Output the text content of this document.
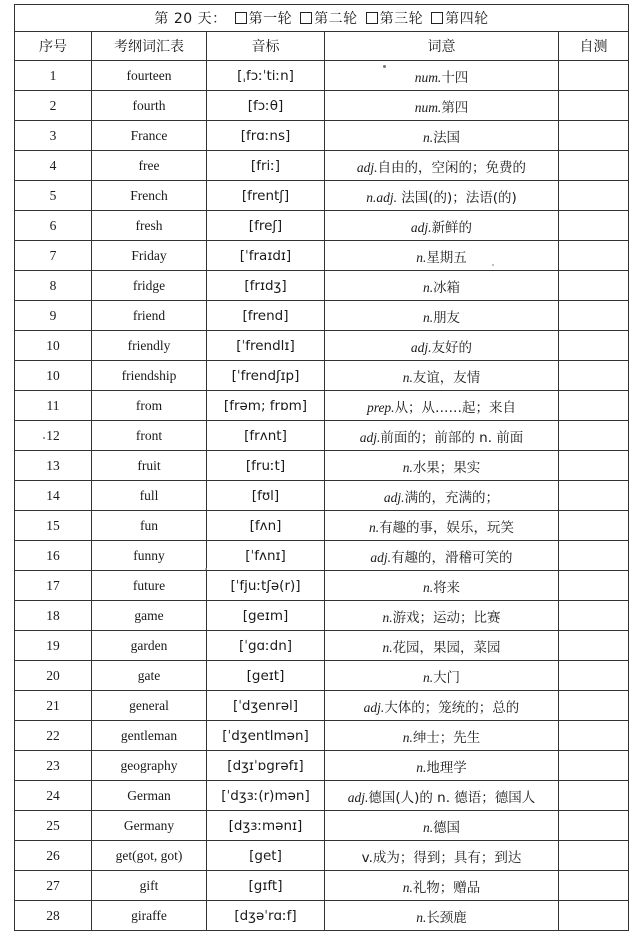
第 20 天： 第一轮 第二轮 第三轮 第四轮				
序号	考纲词汇表	音标	词意	自测
1	fourteen	[ˌfɔːˈtiːn]	num.十四	
2	fourth	[fɔːθ]	num.第四	
3	France	[frɑːns]	n.法国	
4	free	[friː]	adj.自由的，空闲的；免费的	
5	French	[frentʃ]	n.adj. 法国(的)；法语(的)	
6	fresh	[freʃ]	adj.新鲜的	
7	Friday	[ˈfraɪdɪ]	n.星期五	
8	fridge	[frɪdʒ]	n.冰箱	
9	friend	[frend]	n.朋友	
10	friendly	[ˈfrendlɪ]	adj.友好的	
10	friendship	[ˈfrendʃɪp]	n.友谊，友情	
11	from	[frəm; frɒm]	prep.从；从……起；来自	
12	front	[frʌnt]	adj.前面的；前部的 n. 前面	
13	fruit	[fruːt]	n.水果；果实	
14	full	[fʊl]	adj.满的，充满的；	
15	fun	[fʌn]	n.有趣的事，娱乐，玩笑	
16	funny	[ˈfʌnɪ]	adj.有趣的，滑稽可笑的	
17	future	[ˈfjuːtʃə(r)]	n.将来	
18	game	[geɪm]	n.游戏；运动；比赛	
19	garden	[ˈgɑːdn]	n.花园，果园，菜园	
20	gate	[geɪt]	n.大门	
21	general	[ˈdʒenrəl]	adj.大体的；笼统的；总的	
22	gentleman	[ˈdʒentlmən]	n.绅士；先生	
23	geography	[dʒɪˈɒgrəfɪ]	n.地理学	
24	German	[ˈdʒɜː(r)mən]	adj.德国(人)的 n. 德语；德国人	
25	Germany	[dʒɜːmənɪ]	n.德国	
26	get(got, got)	[get]	v.成为；得到；具有；到达	
27	gift	[gɪft]	n.礼物；赠品	
28	giraffe	[dʒəˈrɑːf]	n.长颈鹿	
